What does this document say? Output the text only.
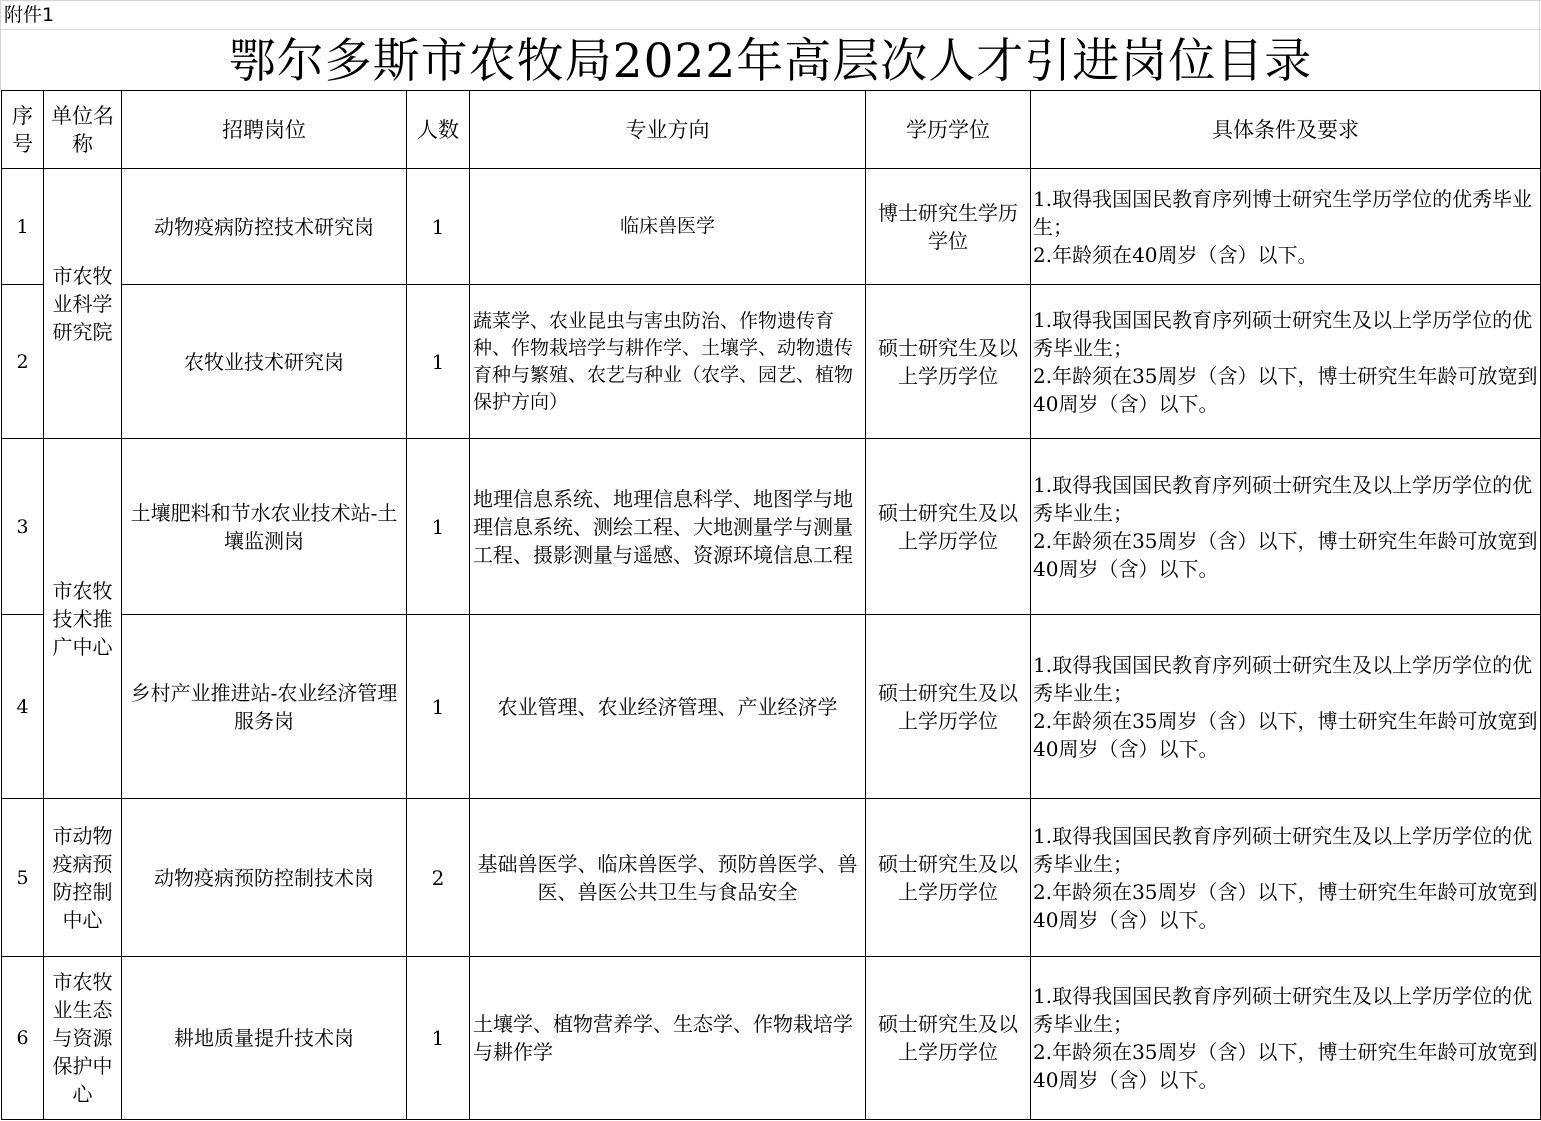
附件1
鄂尔多斯市农牧局2022年高层次人才引进岗位目录
序号	单位名称	招聘岗位	人数	专业方向	学历学位	具体条件及要求
1	市农牧业科学研究院	动物疫病防控技术研究岗	1	临床兽医学	博士研究生学历学位	1.取得我国国民教育序列博士研究生学历学位的优秀毕业生；
2.年龄须在40周岁（含）以下。

2		农牧业技术研究岗	1	蔬菜学、农业昆虫与害虫防治、作物遗传育种、作物栽培学与耕作学、土壤学、动物遗传育种与繁殖、农艺与种业（农学、园艺、植物保护方向）	硕士研究生及以上学历学位	1.取得我国国民教育序列硕士研究生及以上学历学位的优秀毕业生；
2.年龄须在35周岁（含）以下，博士研究生年龄可放宽到40周岁（含）以下。

3	市农牧技术推广中心	土壤肥料和节水农业技术站-土壤监测岗	1	地理信息系统、地理信息科学、地图学与地理信息系统、测绘工程、大地测量学与测量工程、摄影测量与遥感、资源环境信息工程	硕士研究生及以上学历学位	1.取得我国国民教育序列硕士研究生及以上学历学位的优秀毕业生；
2.年龄须在35周岁（含）以下，博士研究生年龄可放宽到40周岁（含）以下。

4		乡村产业推进站-农业经济管理服务岗	1	农业管理、农业经济管理、产业经济学	硕士研究生及以上学历学位	1.取得我国国民教育序列硕士研究生及以上学历学位的优秀毕业生；
2.年龄须在35周岁（含）以下，博士研究生年龄可放宽到40周岁（含）以下。

5	市动物疫病预防控制中心	动物疫病预防控制技术岗	2	基础兽医学、临床兽医学、预防兽医学、兽医、兽医公共卫生与食品安全	硕士研究生及以上学历学位	1.取得我国国民教育序列硕士研究生及以上学历学位的优秀毕业生；
2.年龄须在35周岁（含）以下，博士研究生年龄可放宽到40周岁（含）以下。

6	市农牧业生态与资源保护中心	耕地质量提升技术岗	1	土壤学、植物营养学、生态学、作物栽培学与耕作学	硕士研究生及以上学历学位	1.取得我国国民教育序列硕士研究生及以上学历学位的优秀毕业生；
2.年龄须在35周岁（含）以下，博士研究生年龄可放宽到40周岁（含）以下。
